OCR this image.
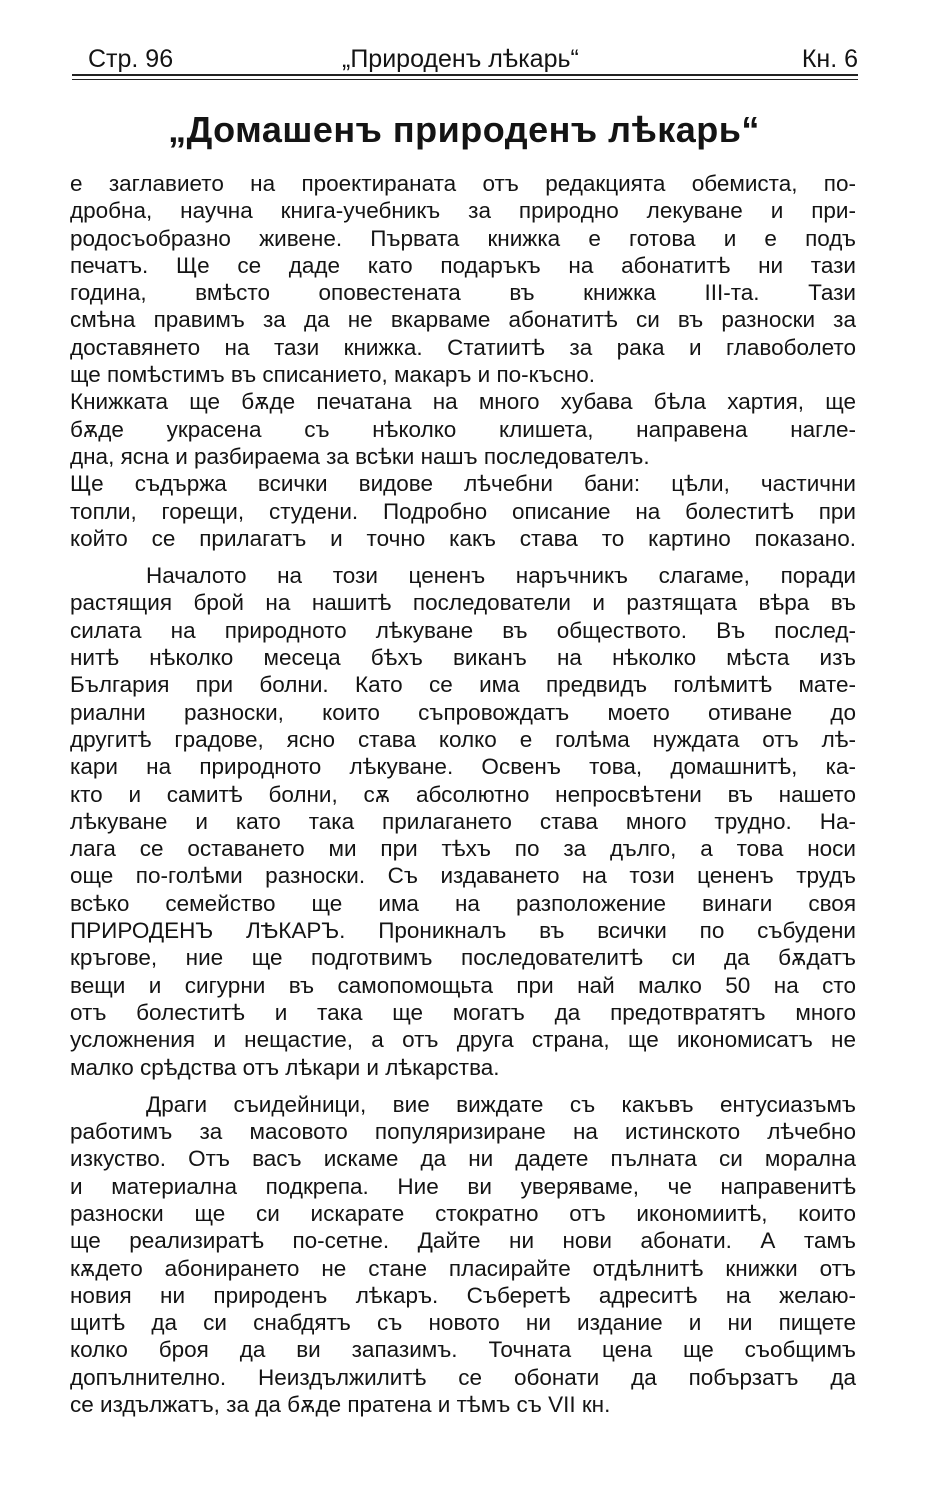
Стр. 96	„Природенъ лѣкарь“	Кн. 6
„Домашенъ природенъ лѣкарь“
е заглавието на проектираната отъ редакцията обемиста, по-
дробна, научна книга-учебникъ за природно лекуване и при-
родосъобразно живене. Първата книжка е готова и е подъ
печатъ. Ще се даде като подаръкъ на абонатитѣ ни тази
година, вмѣсто оповестената въ книжка III-та. Тази
смѣна правимъ за да не вкарваме абонатитѣ си въ разноски за
доставянето на тази книжка. Статиитѣ за рака и главоболето
ще помѣстимъ въ списанието, макаръ и по-късно.
Книжката ще бѫде печатана на много хубава бѣла хартия, ще
бѫде украсена съ нѣколко клишета, направена нагле-
дна, ясна и разбираема за всѣки нашъ последователъ.
Ще съдържа всички видове лѣчебни бани: цѣли, частични
топли, горещи, студени. Подробно описание на болеститѣ при
който се прилагатъ и точно какъ става то картино показано.
Началото на този цененъ наръчникъ слагаме, поради
растящия брой на нашитѣ последователи и разтящата вѣра въ
силата на природното лѣкуване въ обществото. Въ послед-
нитѣ нѣколко месеца бѣхъ виканъ на нѣколко мѣста изъ
България при болни. Като се има предвидъ голѣмитѣ мате-
риални разноски, които съпровождатъ моето отиване до
другитѣ градове, ясно става колко е голѣма нуждата отъ лѣ-
кари на природното лѣкуване. Освенъ това, домашнитѣ, ка-
кто и самитѣ болни, сѫ абсолютно непросвѣтени въ нашето
лѣкуване и като така прилагането става много трудно. На-
лага се оставането ми при тѣхъ по за дълго, а това носи
още по-голѣми разноски. Съ издаването на този цененъ трудъ
всѣко семейство ще има на разположение винаги своя
ПРИРОДЕНЪ ЛѢКАРЪ. Проникналъ въ всички по събудени
кръгове, ние ще подготвимъ последователитѣ си да бѫдатъ
вещи и сигурни въ самопомощьта при най малко 50 на сто
отъ болеститѣ и така ще могатъ да предотвратятъ много
усложнения и нещастие, а отъ друга страна, ще икономисатъ не
малко срѣдства отъ лѣкари и лѣкарства.
Драги съидейници, вие виждате съ какъвъ ентусиазъмъ
работимъ за масовото популяризиране на истинското лѣчебно
изкуство. Отъ васъ искаме да ни дадете пълната си морална
и материална подкрепа. Ние ви уверяваме, че направенитѣ
разноски ще си искарате стократно отъ икономиитѣ, които
ще реализиратѣ по-сетне. Дайте ни нови абонати. А тамъ
кѫдето абонирането не стане пласирайте отдѣлнитѣ книжки отъ
новия ни природенъ лѣкаръ. Съберетѣ адреситѣ на желаю-
щитѣ да си снабдятъ съ новото ни издание и ни пищете
колко броя да ви запазимъ. Точната цена ще съобщимъ
допълнително. Неиздължилитѣ се обонати да побързатъ да
се издължатъ, за да бѫде пратена и тѣмъ съ VII кн.
